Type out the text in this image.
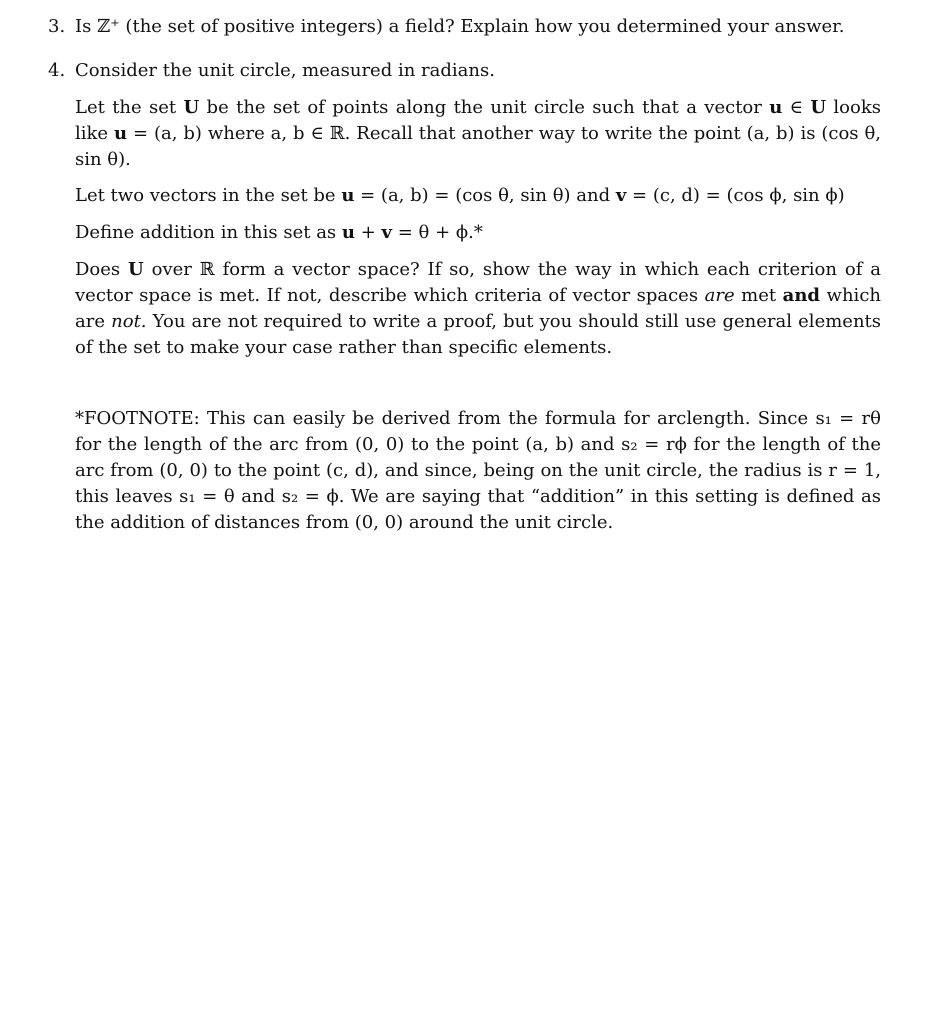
3. Is ℤ⁺ (the set of positive integers) a field? Explain how you determined your answer.
4. Consider the unit circle, measured in radians.
Let the set U be the set of points along the unit circle such that a vector u ∈ U looks like u = (a, b) where a, b ∈ ℝ. Recall that another way to write the point (a, b) is (cos θ, sin θ).
Let two vectors in the set be u = (a, b) = (cos θ, sin θ) and v = (c, d) = (cos ϕ, sin ϕ)
Define addition in this set as u + v = θ + ϕ.*
Does U over ℝ form a vector space? If so, show the way in which each criterion of a vector space is met. If not, describe which criteria of vector spaces are met and which are not. You are not required to write a proof, but you should still use general elements of the set to make your case rather than specific elements.
*FOOTNOTE: This can easily be derived from the formula for arclength. Since s₁ = rθ for the length of the arc from (0, 0) to the point (a, b) and s₂ = rϕ for the length of the arc from (0, 0) to the point (c, d), and since, being on the unit circle, the radius is r = 1, this leaves s₁ = θ and s₂ = ϕ. We are saying that “addition” in this setting is defined as the addition of distances from (0, 0) around the unit circle.
